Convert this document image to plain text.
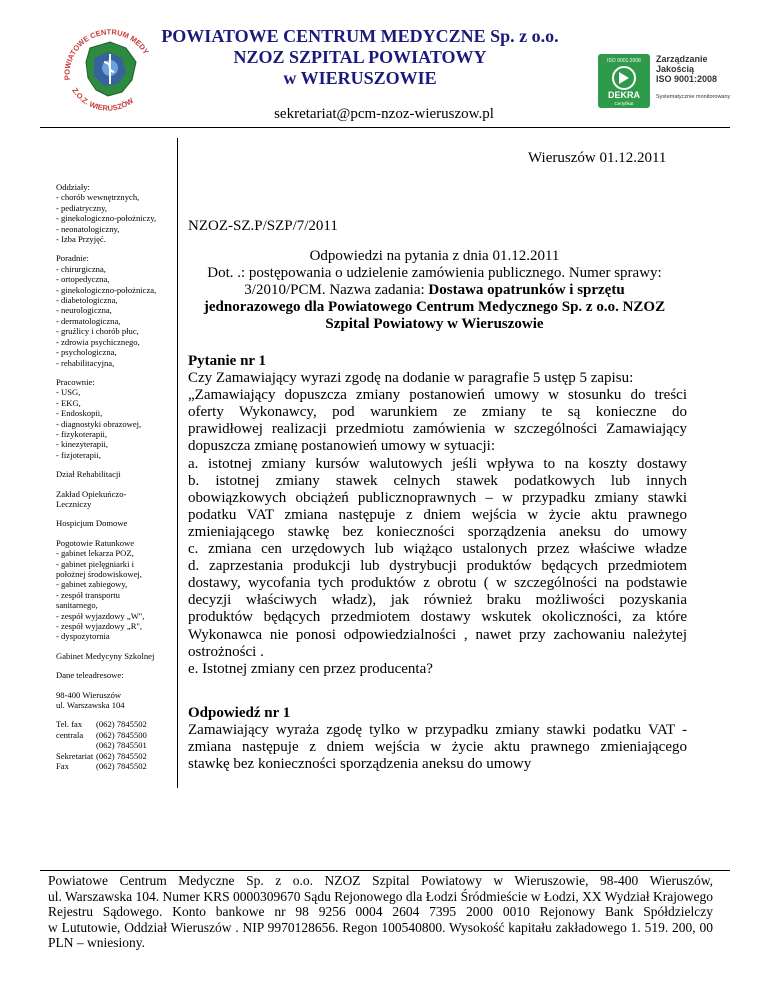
POWIATOWE CENTRUM MEDY
Z.O.Z. WIERUSZÓW
POWIATOWE CENTRUM MEDYCZNE Sp. z o.o.
NZOZ SZPITAL POWIATOWY
w WIERUSZOWIE
sekretariat@pcm-nzoz-wieruszow.pl
ISO 9001:2008
DEKRA
Certyfikat
Zarządzanie
Jakością
ISO 9001:2008
Systematycznie monitorowany
Wieruszów 01.12.2011
Oddziały:
- chorób wewnętrznych,
- pediatryczny,
- ginekologiczno-położniczy,
- neonatologiczny,
- Izba Przyjęć.
Poradnie:
- chirurgiczna,
- ortopedyczna,
- ginekologiczno-położnicza,
- diabetologiczna,
- neurologiczna,
- dermatologiczna,
- gruźlicy i chorób płuc,
- zdrowia psychicznego,
- psychologiczna,
- rehabilitacyjna,
Pracownie:
- USG,
- EKG,
- Endoskopii,
- diagnostyki obrazowej,
- fizykoterapii,
- kinezyterapii,
- fizjoterapii,
Dział Rehabilitacji
Zakład Opiekuńczo-
Leczniczy
Hospicjum Domowe
Pogotowie Ratunkowe
- gabinet lekarza POZ,
- gabinet pielęgniarki i
położnej środowiskowej,
- gabinet zabiegowy,
- zespół transportu
sanitarnego,
- zespół wyjazdowy „W",
- zespół wyjazdowy „R",
- dyspozytornia
Gabinet Medycyny Szkolnej
Dane teleadresowe:
98-400 Wieruszów
ul. Warszawska 104
Tel. fax	(062) 7845502
centrala	(062) 7845500
(062) 7845501
Sekretariat (062) 7845502
Fax	(062) 7845502
NZOZ-SZ.P/SZP/7/2011
Odpowiedzi na pytania z dnia 01.12.2011
Dot. .: postępowania o udzielenie zamówienia publicznego. Numer sprawy:
3/2010/PCM. Nazwa zadania: Dostawa opatrunków i sprzętu
jednorazowego dla Powiatowego Centrum Medycznego Sp. z o.o. NZOZ
Szpital Powiatowy w Wieruszowie
Pytanie nr 1
Czy Zamawiający wyrazi zgodę na dodanie w paragrafie 5 ustęp 5 zapisu:
„Zamawiający dopuszcza zmiany postanowień umowy w stosunku do treści
oferty Wykonawcy, pod warunkiem ze zmiany te są konieczne do
prawidłowej realizacji przedmiotu zamówienia w szczególności Zamawiający
dopuszcza zmianę postanowień umowy w sytuacji:
a. istotnej zmiany kursów walutowych jeśli wpływa to na koszty dostawy
b. istotnej zmiany stawek celnych stawek podatkowych lub innych
obowiązkowych obciążeń publicznoprawnych – w przypadku zmiany stawki
podatku VAT zmiana następuje z dniem wejścia w życie aktu prawnego
zmieniającego stawkę bez konieczności sporządzenia aneksu do umowy
c. zmiana cen urzędowych lub wiążąco ustalonych przez właściwe władze
d. zaprzestania produkcji lub dystrybucji produktów będących przedmiotem
dostawy, wycofania tych produktów z obrotu ( w szczególności na podstawie
decyzji właściwych władz), jak również braku możliwości pozyskania
produktów będących przedmiotem dostawy wskutek okoliczności, za które
Wykonawca nie ponosi odpowiedzialności , nawet przy zachowaniu należytej
ostrożności .
e. Istotnej zmiany cen przez producenta?
Odpowiedź nr 1
Zamawiający wyraża zgodę tylko w przypadku zmiany stawki podatku VAT -
zmiana następuje z dniem wejścia w życie aktu prawnego zmieniającego
stawkę bez konieczności sporządzenia aneksu do umowy
Powiatowe Centrum Medyczne Sp. z o.o. NZOZ Szpital Powiatowy w Wieruszowie, 98-400 Wieruszów,
ul. Warszawska 104. Numer KRS 0000309670 Sądu Rejonowego dla Łodzi Śródmieście w Łodzi, XX Wydział Krajowego
Rejestru Sądowego. Konto bankowe nr 98 9256 0004 2604 7395 2000 0010 Rejonowy Bank Spółdzielczy
w Lututowie, Oddział Wieruszów . NIP 9970128656. Regon 100540800. Wysokość kapitału zakładowego 1. 519. 200, 00
PLN – wniesiony.
